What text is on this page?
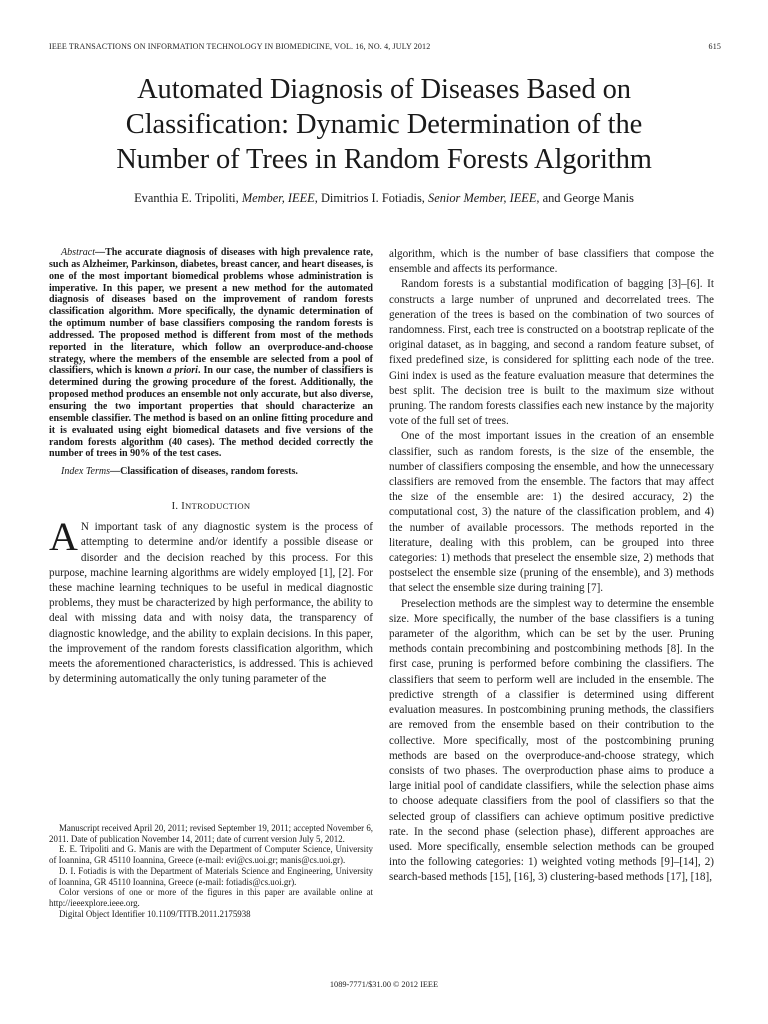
IEEE TRANSACTIONS ON INFORMATION TECHNOLOGY IN BIOMEDICINE, VOL. 16, NO. 4, JULY 2012	615
Automated Diagnosis of Diseases Based on
Classification: Dynamic Determination of the
Number of Trees in Random Forests Algorithm
Evanthia E. Tripoliti, Member, IEEE, Dimitrios I. Fotiadis, Senior Member, IEEE, and George Manis

Abstract—The accurate diagnosis of diseases with high prevalence rate, such as Alzheimer, Parkinson, diabetes, breast cancer, and heart diseases, is one of the most important biomedical problems whose administration is imperative. In this paper, we present a new method for the automated diagnosis of diseases based on the improvement of random forests classification algorithm. More specifically, the dynamic determination of the optimum number of base classifiers composing the random forests is addressed. The proposed method is different from most of the methods reported in the literature, which follow an overproduce-and-choose strategy, where the members of the ensemble are selected from a pool of classifiers, which is known a priori. In our case, the number of classifiers is determined during the growing procedure of the forest. Additionally, the proposed method produces an ensemble not only accurate, but also diverse, ensuring the two important properties that should characterize an ensemble classifier. The method is based on an online fitting procedure and it is evaluated using eight biomedical datasets and five versions of the random forests algorithm (40 cases). The method decided correctly the number of trees in 90% of the test cases.

Index Terms—Classification of diseases, random forests.

I. INTRODUCTION

A N important task of any diagnostic system is the process of attempting to determine and/or identify a possible disease or disorder and the decision reached by this process. For this purpose, machine learning algorithms are widely employed [1], [2]. For these machine learning techniques to be useful in medical diagnostic problems, they must be characterized by high performance, the ability to deal with missing data and with noisy data, the transparency of diagnostic knowledge, and the ability to explain decisions. In this paper, the improvement of the random forests classification algorithm, which meets the aforementioned characteristics, is addressed. This is achieved by determining automatically the only tuning parameter of the

Manuscript received April 20, 2011; revised September 19, 2011; accepted November 6, 2011. Date of publication November 14, 2011; date of current version July 5, 2012.

E. E. Tripoliti and G. Manis are with the Department of Computer Science, University of Ioannina, GR 45110 Ioannina, Greece (e-mail: evi@cs.uoi.gr; manis@cs.uoi.gr).

D. I. Fotiadis is with the Department of Materials Science and Engineering, University of Ioannina, GR 45110 Ioannina, Greece (e-mail: fotiadis@cs.uoi.gr).

Color versions of one or more of the figures in this paper are available online at http://ieeexplore.ieee.org.

Digital Object Identifier 10.1109/TITB.2011.2175938

algorithm, which is the number of base classifiers that compose the ensemble and affects its performance.

Random forests is a substantial modification of bagging [3]–[6]. It constructs a large number of unpruned and decorrelated trees. The generation of the trees is based on the combination of two sources of randomness. First, each tree is constructed on a bootstrap replicate of the original dataset, as in bagging, and second a random feature subset, of fixed predefined size, is considered for splitting each node of the tree. Gini index is used as the feature evaluation measure that determines the best split. The decision tree is built to the maximum size without pruning. The random forests classifies each new instance by the majority vote of the full set of trees.

One of the most important issues in the creation of an ensemble classifier, such as random forests, is the size of the ensemble, the number of classifiers composing the ensemble, and how the unnecessary classifiers are removed from the ensemble. The factors that may affect the size of the ensemble are: 1) the desired accuracy, 2) the computational cost, 3) the nature of the classification problem, and 4) the number of available processors. The methods reported in the literature, dealing with this problem, can be grouped into three categories: 1) methods that preselect the ensemble size, 2) methods that postselect the ensemble size (pruning of the ensemble), and 3) methods that select the ensemble size during training [7].

Preselection methods are the simplest way to determine the ensemble size. More specifically, the number of the base classifiers is a tuning parameter of the algorithm, which can be set by the user. Pruning methods contain precombining and postcombining methods [8]. In the first case, pruning is performed before combining the classifiers. The classifiers that seem to perform well are included in the ensemble. The predictive strength of a classifier is determined using different evaluation measures. In postcombining pruning methods, the classifiers are removed from the ensemble based on their contribution to the collective. More specifically, most of the postcombining pruning methods are based on the overproduce-and-choose strategy, which consists of two phases. The overproduction phase aims to produce a large initial pool of candidate classifiers, while the selection phase aims to choose adequate classifiers from the pool of classifiers so that the selected group of classifiers can achieve optimum positive predictive rate. In the second phase (selection phase), different approaches are used. More specifically, ensemble selection methods can be grouped into the following categories: 1) weighted voting methods [9]–[14], 2) search-based methods [15], [16], 3) clustering-based methods [17], [18],

1089-7771/$31.00 © 2012 IEEE
